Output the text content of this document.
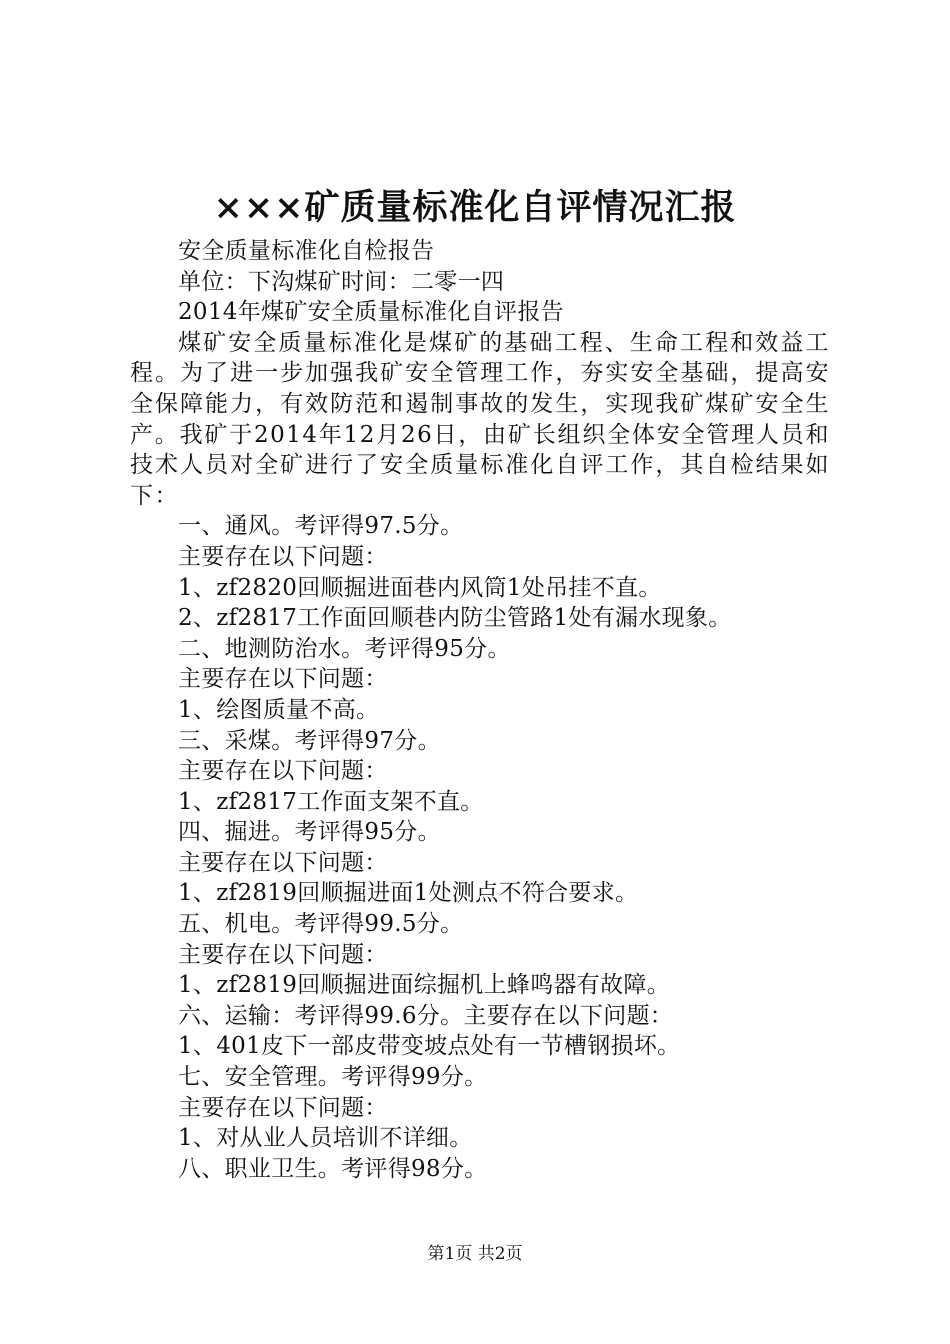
×××矿质量标准化自评情况汇报
安全质量标准化自检报告
单位：下沟煤矿时间：二零一四
2014年煤矿安全质量标准化自评报告
煤矿安全质量标准化是煤矿的基础工程、生命工程和效益工程。为了进一步加强我矿安全管理工作，夯实安全基础，提高安全保障能力，有效防范和遏制事故的发生，实现我矿煤矿安全生产。我矿于2014年12月26日，由矿长组织全体安全管理人员和技术人员对全矿进行了安全质量标准化自评工作，其自检结果如下：
一、通风。考评得97.5分。
主要存在以下问题：
1、zf2820回顺掘进面巷内风筒1处吊挂不直。
2、zf2817工作面回顺巷内防尘管路1处有漏水现象。
二、地测防治水。考评得95分。
主要存在以下问题：
1、绘图质量不高。
三、采煤。考评得97分。
主要存在以下问题：
1、zf2817工作面支架不直。
四、掘进。考评得95分。
主要存在以下问题：
1、zf2819回顺掘进面1处测点不符合要求。
五、机电。考评得99.5分。
主要存在以下问题：
1、zf2819回顺掘进面综掘机上蜂鸣器有故障。
六、运输：考评得99.6分。主要存在以下问题：
1、401皮下一部皮带变坡点处有一节槽钢损坏。
七、安全管理。考评得99分。
主要存在以下问题：
1、对从业人员培训不详细。
八、职业卫生。考评得98分。
第1页 共2页
